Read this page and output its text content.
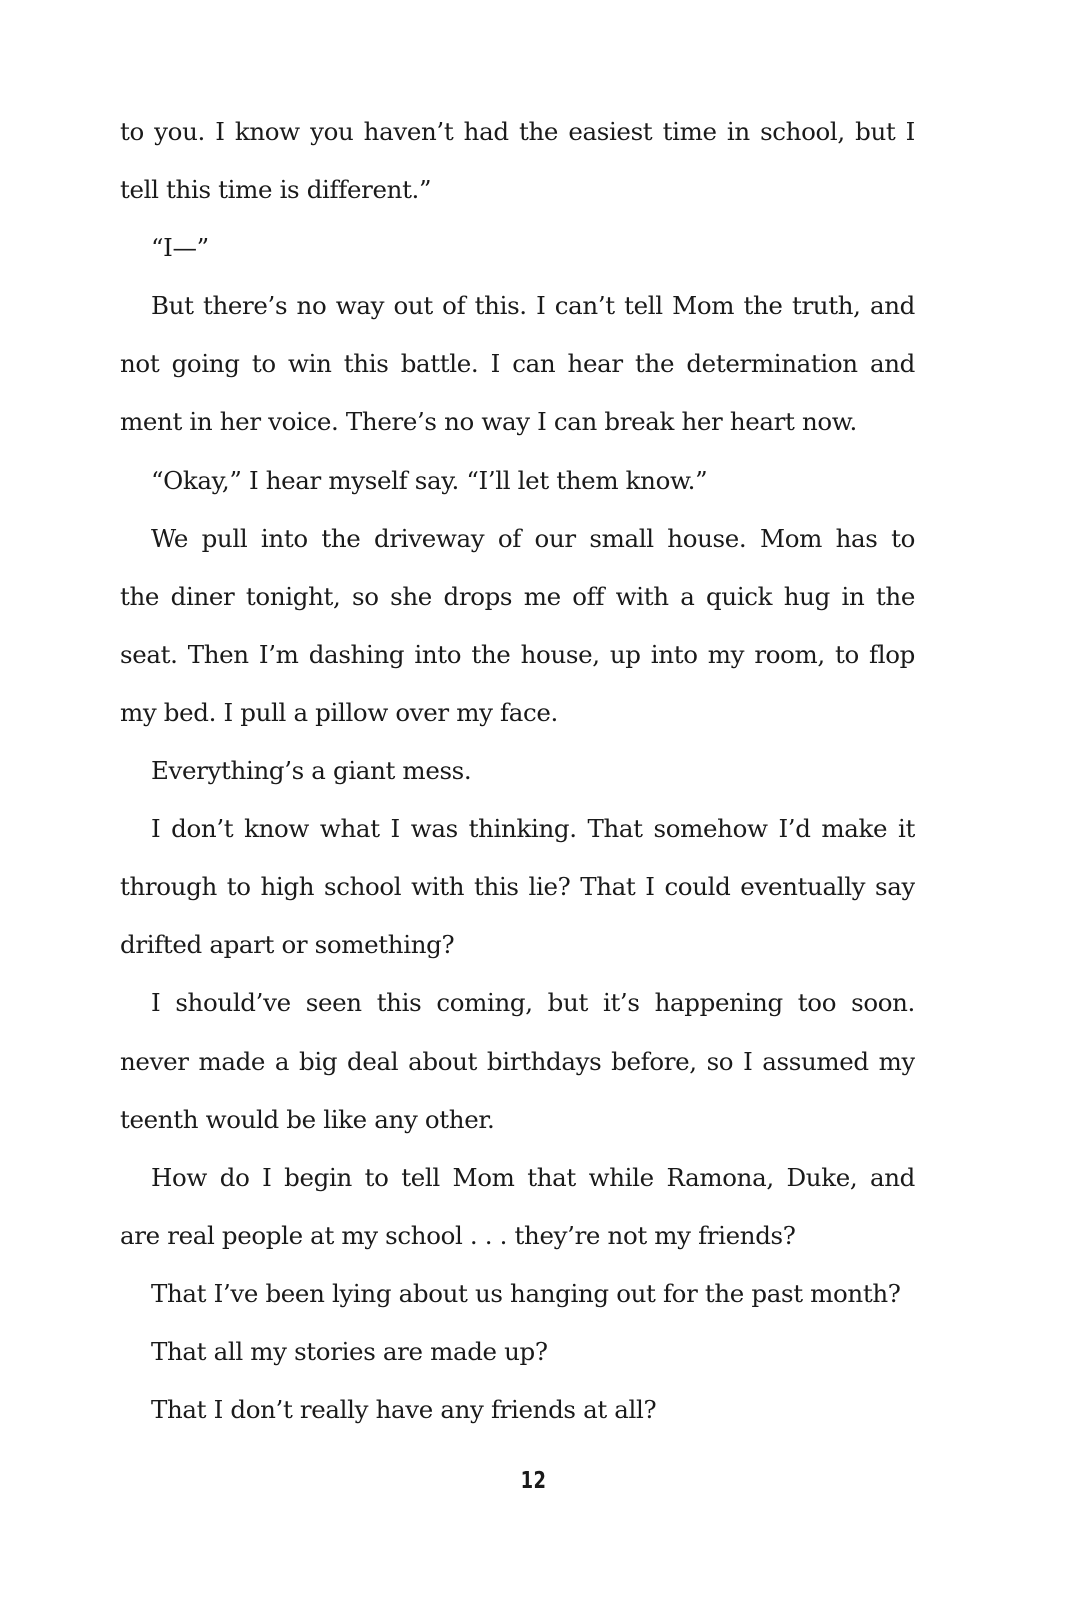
to you. I know you haven’t had the easiest time in school, but I
tell this time is different.”
“I—”
But there’s no way out of this. I can’t tell Mom the truth, and
not going to win this battle. I can hear the determination and
ment in her voice. There’s no way I can break her heart now.
“Okay,” I hear myself say. “I’ll let them know.”
We pull into the driveway of our small house. Mom has to
the diner tonight, so she drops me off with a quick hug in the
seat. Then I’m dashing into the house, up into my room, to flop
my bed. I pull a pillow over my face.
Everything’s a giant mess.
I don’t know what I was thinking. That somehow I’d make it
through to high school with this lie? That I could eventually say
drifted apart or something?
I should’ve seen this coming, but it’s happening too soon.
never made a big deal about birthdays before, so I assumed my
teenth would be like any other.
How do I begin to tell Mom that while Ramona, Duke, and
are real people at my school . . . they’re not my friends?
That I’ve been lying about us hanging out for the past month?
That all my stories are made up?
That I don’t really have any friends at all?
12
